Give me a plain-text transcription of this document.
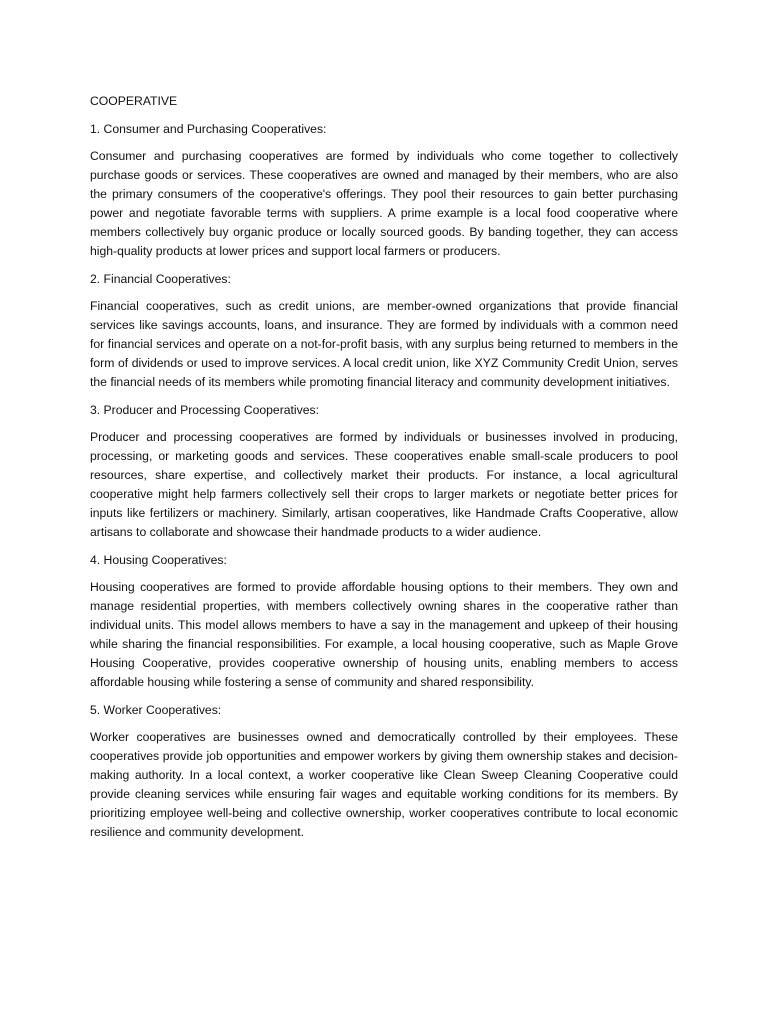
COOPERATIVE

1. Consumer and Purchasing Cooperatives:

Consumer and purchasing cooperatives are formed by individuals who come together to collectively purchase goods or services. These cooperatives are owned and managed by their members, who are also the primary consumers of the cooperative's offerings. They pool their resources to gain better purchasing power and negotiate favorable terms with suppliers. A prime example is a local food cooperative where members collectively buy organic produce or locally sourced goods. By banding together, they can access high-quality products at lower prices and support local farmers or producers.

2. Financial Cooperatives:

Financial cooperatives, such as credit unions, are member-owned organizations that provide financial services like savings accounts, loans, and insurance. They are formed by individuals with a common need for financial services and operate on a not-for-profit basis, with any surplus being returned to members in the form of dividends or used to improve services. A local credit union, like XYZ Community Credit Union, serves the financial needs of its members while promoting financial literacy and community development initiatives.

3. Producer and Processing Cooperatives:

Producer and processing cooperatives are formed by individuals or businesses involved in producing, processing, or marketing goods and services. These cooperatives enable small-scale producers to pool resources, share expertise, and collectively market their products. For instance, a local agricultural cooperative might help farmers collectively sell their crops to larger markets or negotiate better prices for inputs like fertilizers or machinery. Similarly, artisan cooperatives, like Handmade Crafts Cooperative, allow artisans to collaborate and showcase their handmade products to a wider audience.

4. Housing Cooperatives:

Housing cooperatives are formed to provide affordable housing options to their members. They own and manage residential properties, with members collectively owning shares in the cooperative rather than individual units. This model allows members to have a say in the management and upkeep of their housing while sharing the financial responsibilities. For example, a local housing cooperative, such as Maple Grove Housing Cooperative, provides cooperative ownership of housing units, enabling members to access affordable housing while fostering a sense of community and shared responsibility.

5. Worker Cooperatives:

Worker cooperatives are businesses owned and democratically controlled by their employees. These cooperatives provide job opportunities and empower workers by giving them ownership stakes and decision-making authority. In a local context, a worker cooperative like Clean Sweep Cleaning Cooperative could provide cleaning services while ensuring fair wages and equitable working conditions for its members. By prioritizing employee well-being and collective ownership, worker cooperatives contribute to local economic resilience and community development.
